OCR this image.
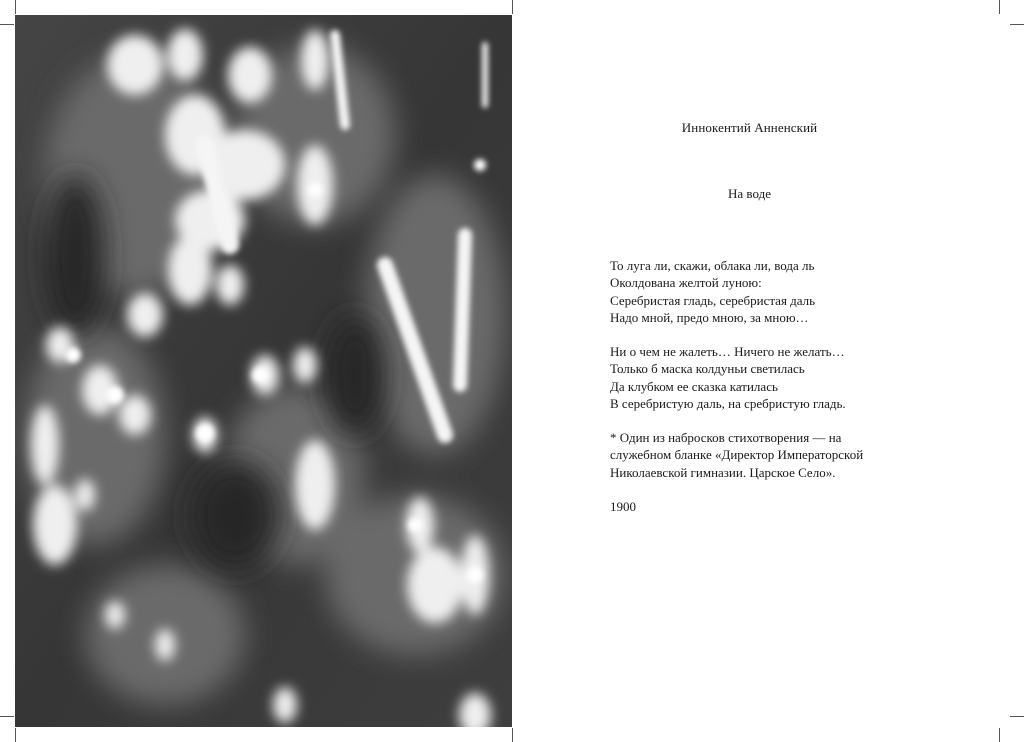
Иннокентий Анненский
На воде
То луга ли, скажи, облака ли, вода ль
Околдована желтой луною:
Серебристая гладь, серебристая даль
Надо мной, предо мною, за мною…
Ни о чем не жалеть… Ничего не желать…
Только б маска колдуньи светилась
Да клубком ее сказка катилась
В серебристую даль, на сребристую гладь.
* Один из набросков стихотворения — на
служебном бланке «Директор Императорской
Николаевской гимназии. Царское Село».
1900
